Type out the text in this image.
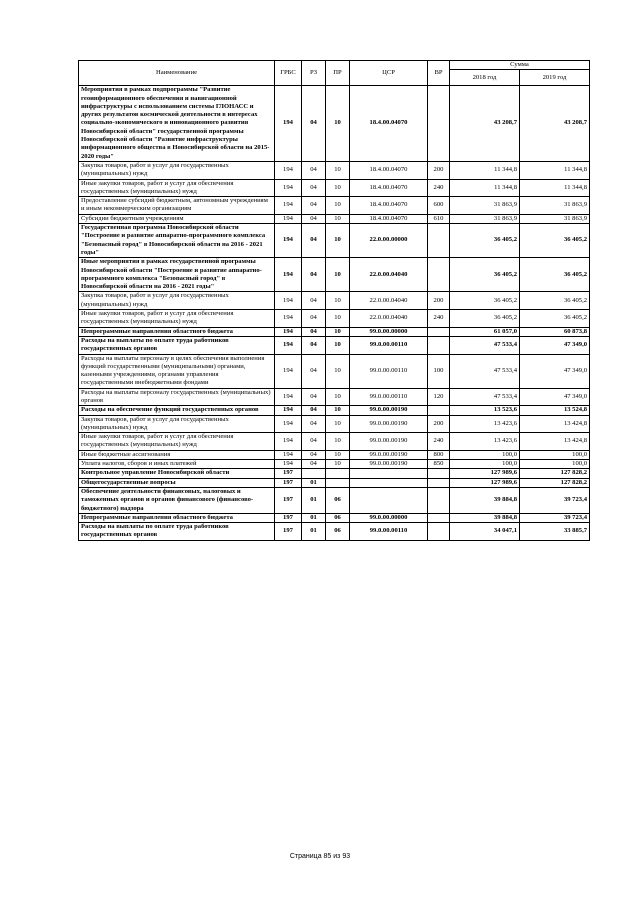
Наименование	ГРБС	РЗ	ПР	ЦСР	ВР	Сумма	
						2018 год	2019 год
Мероприятия в рамках подпрограммы "Развитие геоинформационного обеспечения и навигационной инфраструктуры с использованием системы ГЛОНАСС и других результатов космической деятельности в интересах социально-экономического и инновационного развития Новосибирской области" государственной программы Новосибирской области "Развитие инфраструктуры информационного общества в Новосибирской области на 2015-2020 годы"	194	04	10	18.4.00.04070		43 208,7	43 208,7
Закупка товаров, работ и услуг для государственных (муниципальных) нужд	194	04	10	18.4.00.04070	200	11 344,8	11 344,8
Иные закупки товаров, работ и услуг для обеспечения государственных (муниципальных) нужд	194	04	10	18.4.00.04070	240	11 344,8	11 344,8
Предоставление субсидий бюджетным, автономным учреждениям и иным некоммерческим организациям	194	04	10	18.4.00.04070	600	31 863,9	31 863,9
Субсидии бюджетным учреждениям	194	04	10	18.4.00.04070	610	31 863,9	31 863,9
Государственная программа Новосибирской области "Построение и развитие аппаратно-программного комплекса "Безопасный город" в Новосибирской области на 2016 - 2021 годы"	194	04	10	22.0.00.00000		36 405,2	36 405,2
Иные мероприятия в рамках государственной программы Новосибирской области "Построение и развитие аппаратно-программного комплекса "Безопасный город" в Новосибирской области на 2016 - 2021 годы"	194	04	10	22.0.00.04040		36 405,2	36 405,2
Закупка товаров, работ и услуг для государственных (муниципальных) нужд	194	04	10	22.0.00.04040	200	36 405,2	36 405,2
Иные закупки товаров, работ и услуг для обеспечения государственных (муниципальных) нужд	194	04	10	22.0.00.04040	240	36 405,2	36 405,2
Непрограммные направления областного бюджета	194	04	10	99.0.00.00000		61 057,0	60 873,8
Расходы на выплаты по оплате труда работников государственных органов	194	04	10	99.0.00.00110		47 533,4	47 349,0
Расходы на выплаты персоналу в целях обеспечения выполнения функций государственными (муниципальными) органами, казенными учреждениями, органами управления государственными внебюджетными фондами	194	04	10	99.0.00.00110	100	47 533,4	47 349,0
Расходы на выплаты персоналу государственных (муниципальных) органов	194	04	10	99.0.00.00110	120	47 533,4	47 349,0
Расходы на обеспечение функций государственных органов	194	04	10	99.0.00.00190		13 523,6	13 524,8
Закупка товаров, работ и услуг для государственных (муниципальных) нужд	194	04	10	99.0.00.00190	200	13 423,6	13 424,8
Иные закупки товаров, работ и услуг для обеспечения государственных (муниципальных) нужд	194	04	10	99.0.00.00190	240	13 423,6	13 424,8
Иные бюджетные ассигнования	194	04	10	99.0.00.00190	800	100,0	100,0
Уплата налогов, сборов и иных платежей	194	04	10	99.0.00.00190	850	100,0	100,0
Контрольное управление Новосибирской области	197					127 989,6	127 828,2
Общегосударственные вопросы	197	01				127 989,6	127 828,2
Обеспечение деятельности финансовых, налоговых и таможенных органов и органов финансового (финансово-бюджетного) надзора	197	01	06			39 884,8	39 723,4
Непрограммные направления областного бюджета	197	01	06	99.0.00.00000		39 884,8	39 723,4
Расходы на выплаты по оплате труда работников государственных органов	197	01	06	99.0.00.00110		34 047,1	33 885,7
Страница 85 из 93
